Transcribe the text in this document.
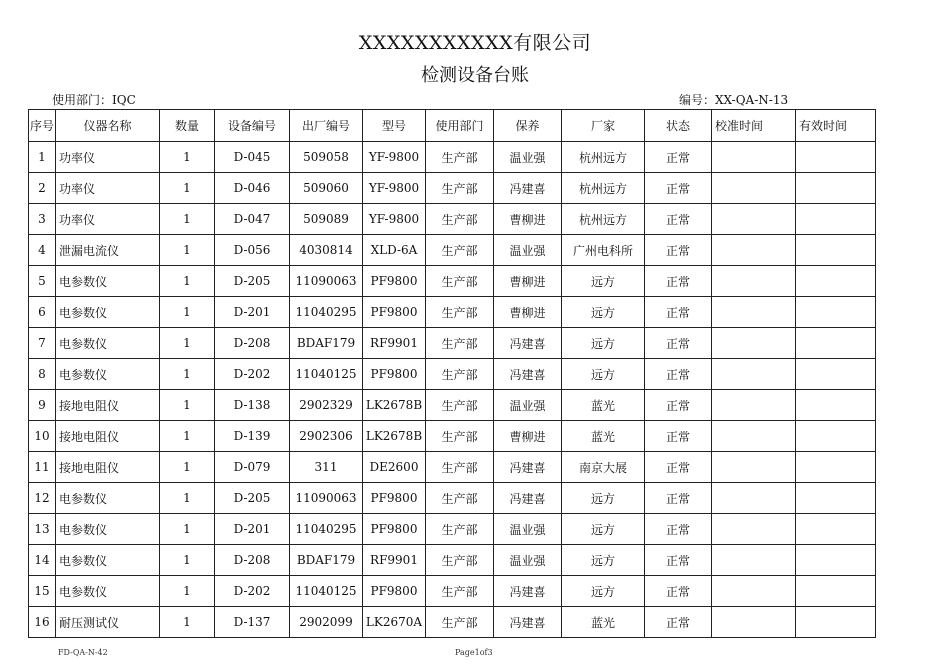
XXXXXXXXXXX有限公司
检测设备台账
使用部门：IQC	编号：XX-QA-N-13
序号	仪器名称	数量	设备编号	出厂编号	型号	使用部门	保养	厂家	状态	校准时间	有效时间
1	功率仪	1	D-045	509058	YF-9800	生产部	温业强	杭州远方	正常		
2	功率仪	1	D-046	509060	YF-9800	生产部	冯建喜	杭州远方	正常		
3	功率仪	1	D-047	509089	YF-9800	生产部	曹柳进	杭州远方	正常		
4	泄漏电流仪	1	D-056	4030814	XLD-6A	生产部	温业强	广州电科所	正常		
5	电参数仪	1	D-205	11090063	PF9800	生产部	曹柳进	远方	正常		
6	电参数仪	1	D-201	11040295	PF9800	生产部	曹柳进	远方	正常		
7	电参数仪	1	D-208	BDAF179	RF9901	生产部	冯建喜	远方	正常		
8	电参数仪	1	D-202	11040125	PF9800	生产部	冯建喜	远方	正常		
9	接地电阻仪	1	D-138	2902329	LK2678B	生产部	温业强	蓝光	正常		
10	接地电阻仪	1	D-139	2902306	LK2678B	生产部	曹柳进	蓝光	正常		
11	接地电阻仪	1	D-079	311	DE2600	生产部	冯建喜	南京大展	正常		
12	电参数仪	1	D-205	11090063	PF9800	生产部	冯建喜	远方	正常		
13	电参数仪	1	D-201	11040295	PF9800	生产部	温业强	远方	正常		
14	电参数仪	1	D-208	BDAF179	RF9901	生产部	温业强	远方	正常		
15	电参数仪	1	D-202	11040125	PF9800	生产部	冯建喜	远方	正常		
16	耐压测试仪	1	D-137	2902099	LK2670A	生产部	冯建喜	蓝光	正常		
FD-QA-N-42	Page1of3
